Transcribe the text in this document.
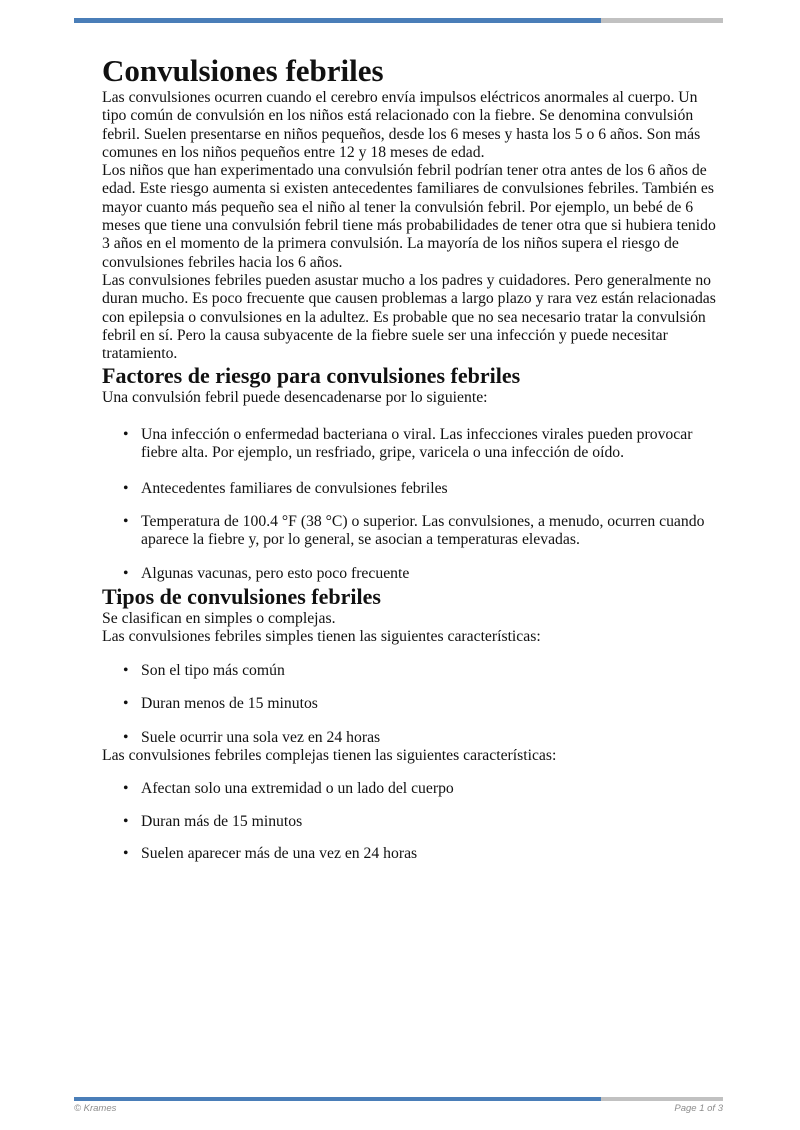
Convulsiones febriles

Las convulsiones ocurren cuando el cerebro envía impulsos eléctricos anormales al cuerpo. Un tipo común de convulsión en los niños está relacionado con la fiebre. Se denomina convulsión febril. Suelen presentarse en niños pequeños, desde los 6 meses y hasta los 5 o 6 años. Son más comunes en los niños pequeños entre 12 y 18 meses de edad.

Los niños que han experimentado una convulsión febril podrían tener otra antes de los 6 años de edad. Este riesgo aumenta si existen antecedentes familiares de convulsiones febriles. También es mayor cuanto más pequeño sea el niño al tener la convulsión febril. Por ejemplo, un bebé de 6 meses que tiene una convulsión febril tiene más probabilidades de tener otra que si hubiera tenido 3 años en el momento de la primera convulsión. La mayoría de los niños supera el riesgo de convulsiones febriles hacia los 6 años.

Las convulsiones febriles pueden asustar mucho a los padres y cuidadores. Pero generalmente no duran mucho. Es poco frecuente que causen problemas a largo plazo y rara vez están relacionadas con epilepsia o convulsiones en la adultez. Es probable que no sea necesario tratar la convulsión febril en sí. Pero la causa subyacente de la fiebre suele ser una infección y puede necesitar tratamiento.

Factores de riesgo para convulsiones febriles

Una convulsión febril puede desencadenarse por lo siguiente:

• Una infección o enfermedad bacteriana o viral. Las infecciones virales pueden provocar fiebre alta. Por ejemplo, un resfriado, gripe, varicela o una infección de oído.
• Antecedentes familiares de convulsiones febriles
• Temperatura de 100.4 °F (38 °C) o superior. Las convulsiones, a menudo, ocurren cuando aparece la fiebre y, por lo general, se asocian a temperaturas elevadas.
• Algunas vacunas, pero esto poco frecuente
Tipos de convulsiones febriles

Se clasifican en simples o complejas.

Las convulsiones febriles simples tienen las siguientes características:

• Son el tipo más común
• Duran menos de 15 minutos
• Suele ocurrir una sola vez en 24 horas

Las convulsiones febriles complejas tienen las siguientes características:

• Afectan solo una extremidad o un lado del cuerpo
• Duran más de 15 minutos
• Suelen aparecer más de una vez en 24 horas
© Krames	Page 1 of 3
